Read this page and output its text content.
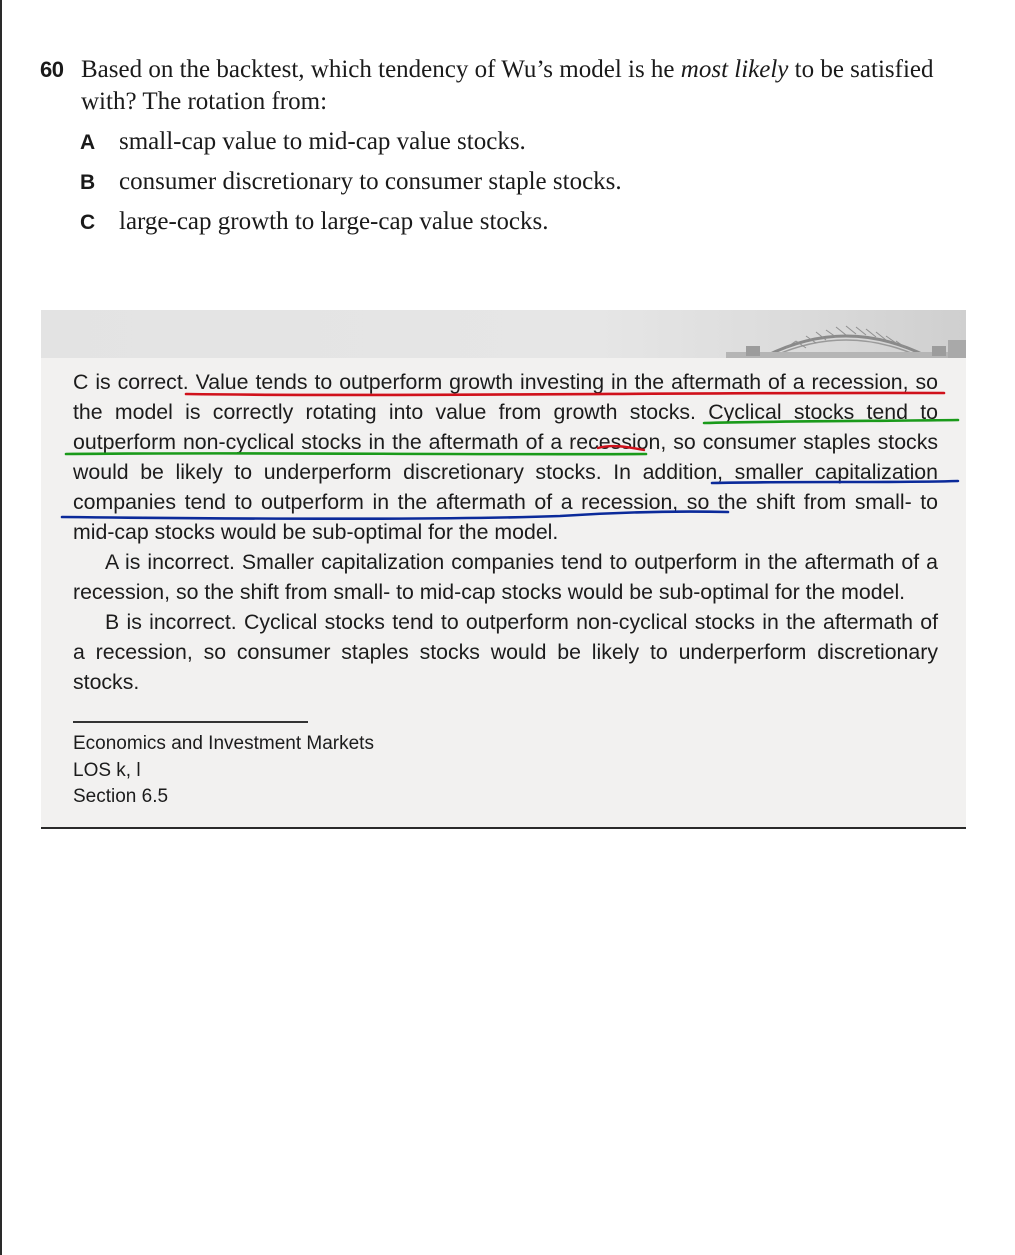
60 Based on the backtest, which tendency of Wu’s model is he most likely to be satisfied with? The rotation from:
A small-cap value to mid-cap value stocks.
B consumer discretionary to consumer staple stocks.
C large-cap growth to large-cap value stocks.

C is correct. Value tends to outperform growth investing in the aftermath of a recession, so the model is correctly rotating into value from growth stocks. Cyclical stocks tend to outperform non-cyclical stocks in the aftermath of a recession, so consumer staples stocks would be likely to underperform discretionary stocks. In addition, smaller capitalization companies tend to outperform in the aftermath of a recession, so the shift from small- to mid-cap stocks would be sub-optimal for the model.

A is incorrect. Smaller capitalization companies tend to outperform in the aftermath of a recession, so the shift from small- to mid-cap stocks would be sub-optimal for the model.

B is incorrect. Cyclical stocks tend to outperform non-cyclical stocks in the aftermath of a recession, so consumer staples stocks would be likely to underperform discretionary stocks.

Economics and Investment Markets
LOS k, l
Section 6.5
